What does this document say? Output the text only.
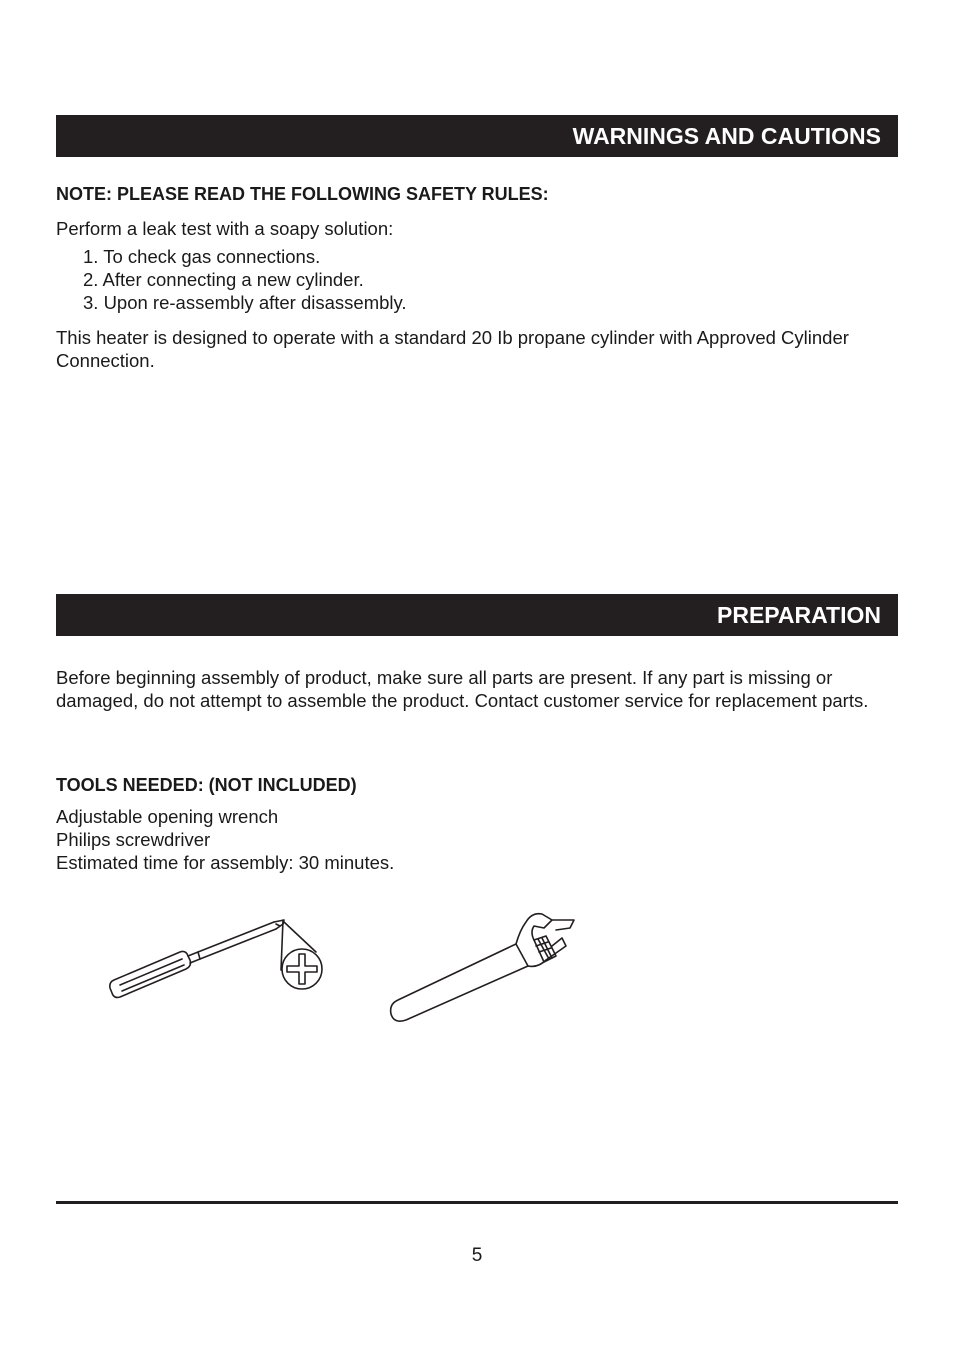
WARNINGS AND CAUTIONS
NOTE: PLEASE READ THE FOLLOWING SAFETY RULES:
Perform a leak test with a soapy solution:
1. To check gas connections.
2. After connecting a new cylinder.
3. Upon re-assembly after disassembly.
This heater is designed to operate with a standard 20 Ib propane cylinder with Approved Cylinder
Connection.
PREPARATION
Before beginning assembly of product, make sure all parts are present. If any part is missing or
damaged, do not attempt to assemble the product. Contact customer service for replacement parts.
TOOLS NEEDED: (NOT INCLUDED)
Adjustable opening wrench
Philips screwdriver
Estimated time for assembly: 30 minutes.
5
